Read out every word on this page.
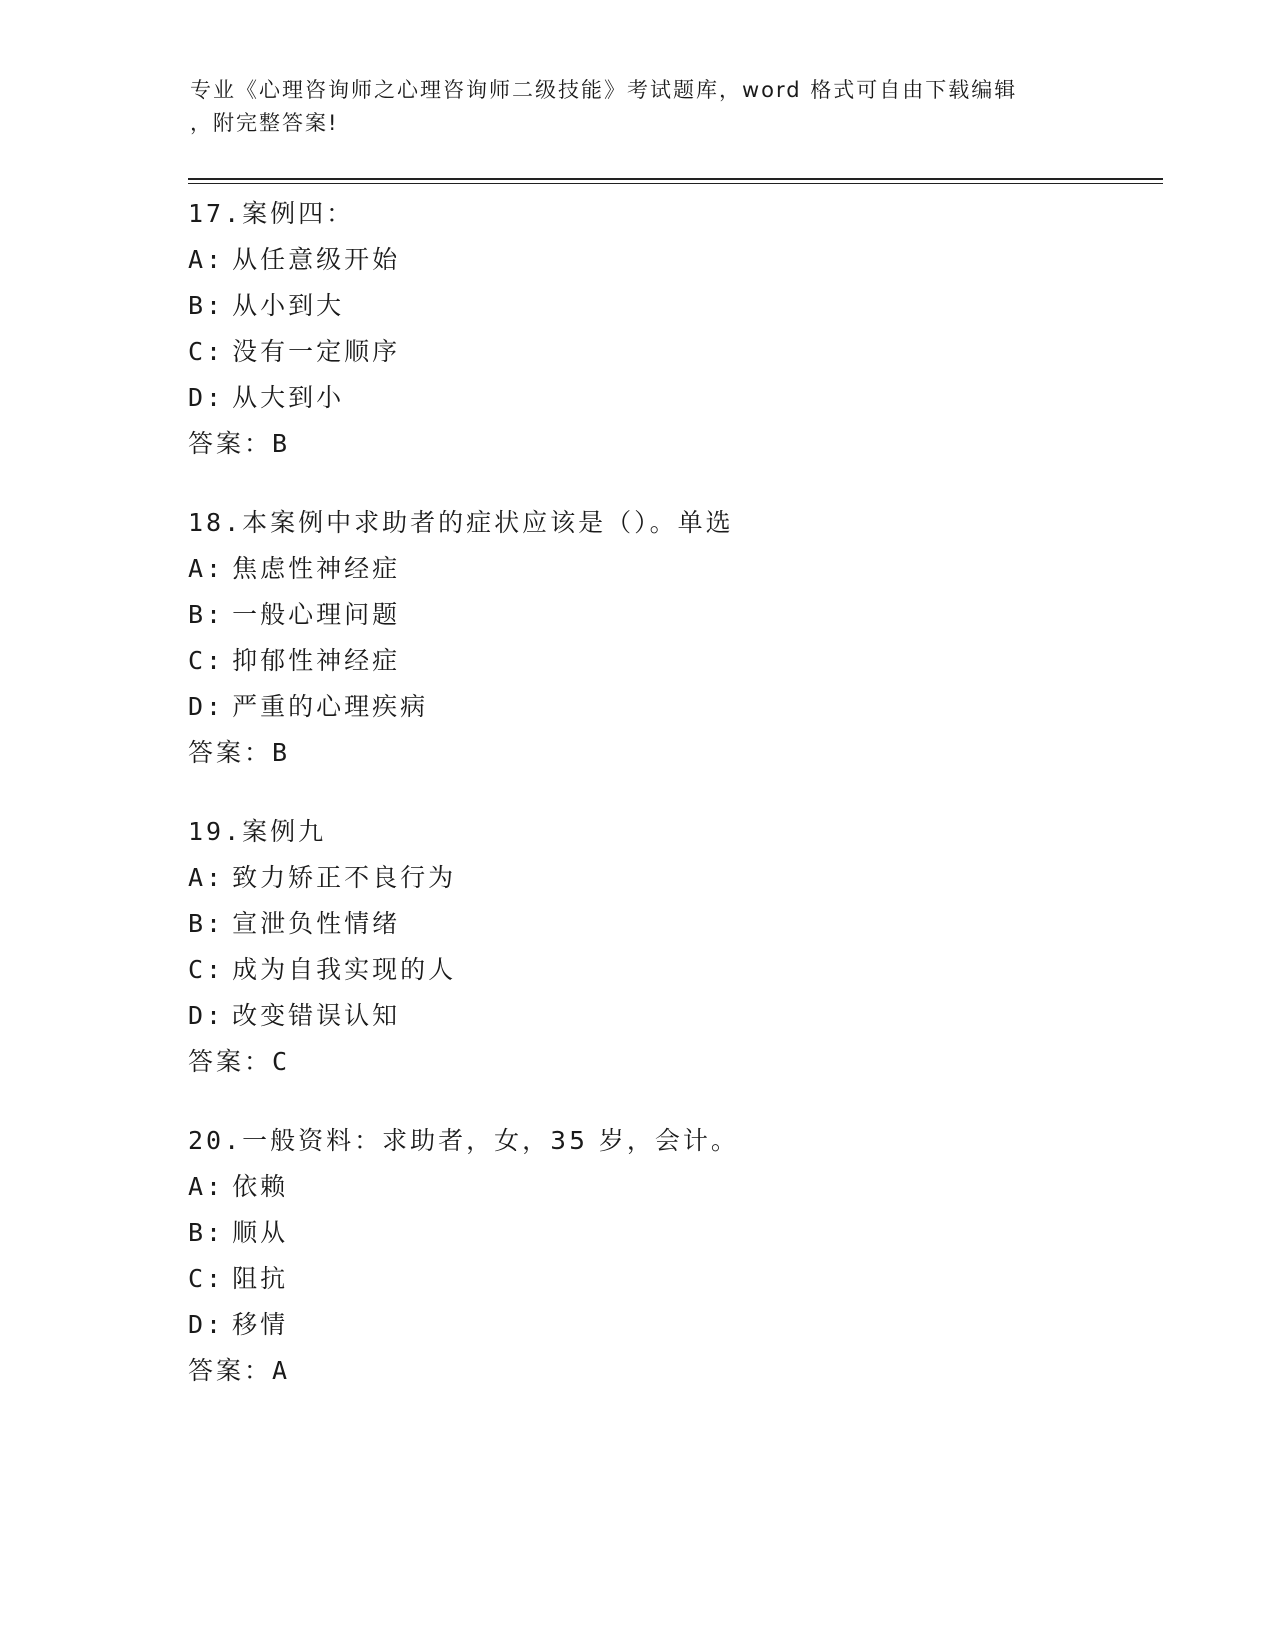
专业《心理咨询师之心理咨询师二级技能》考试题库，word 格式可自由下载编辑
，附完整答案!
17.案例四：
A: 从任意级开始
B: 从小到大
C: 没有一定顺序
D: 从大到小
答案：B
18.本案例中求助者的症状应该是（）。单选
A: 焦虑性神经症
B: 一般心理问题
C: 抑郁性神经症
D: 严重的心理疾病
答案：B
19.案例九
A: 致力矫正不良行为
B: 宣泄负性情绪
C: 成为自我实现的人
D: 改变错误认知
答案：C
20.一般资料：求助者，女，35 岁，会计。
A: 依赖
B: 顺从
C: 阻抗
D: 移情
答案：A
